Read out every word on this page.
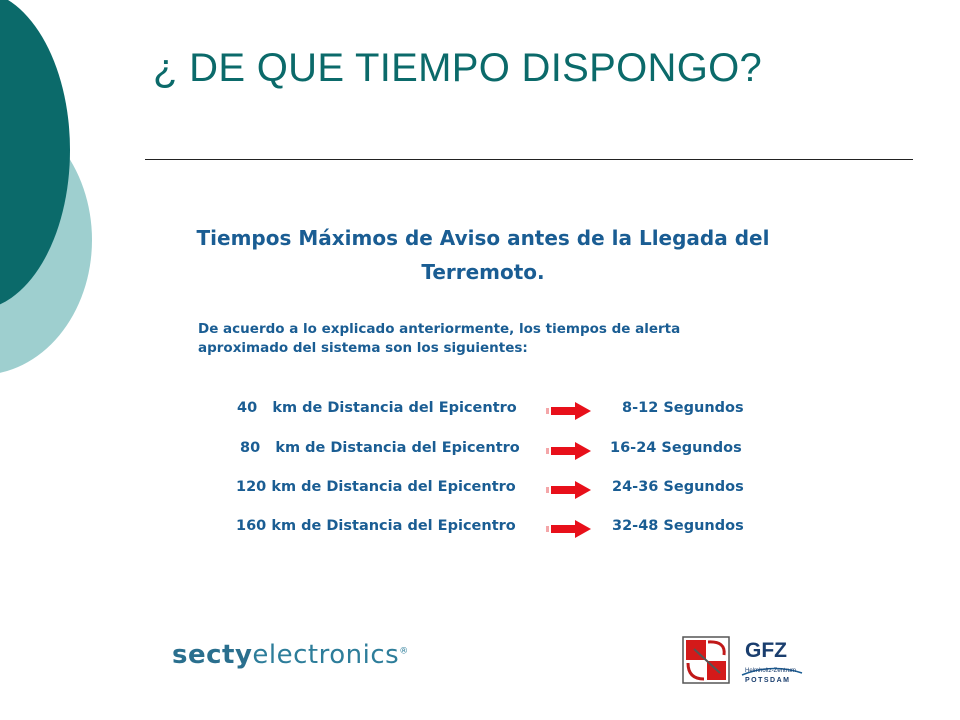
¿ DE QUE TIEMPO DISPONGO?
Tiempos Máximos de Aviso antes de la Llegada del
Terremoto.
De acuerdo a lo explicado anteriormente, los tiempos de alerta
aproximado del sistema son los siguientes:
40   km de Distancia del Epicentro	8-12 Segundos
80   km de Distancia del Epicentro	16-24 Segundos
120 km de Distancia del Epicentro	24-36 Segundos
160 km de Distancia del Epicentro	32-48 Segundos
sectyelectronics®	GFZ
Helmholtz-Zentrum
POTSDAM
